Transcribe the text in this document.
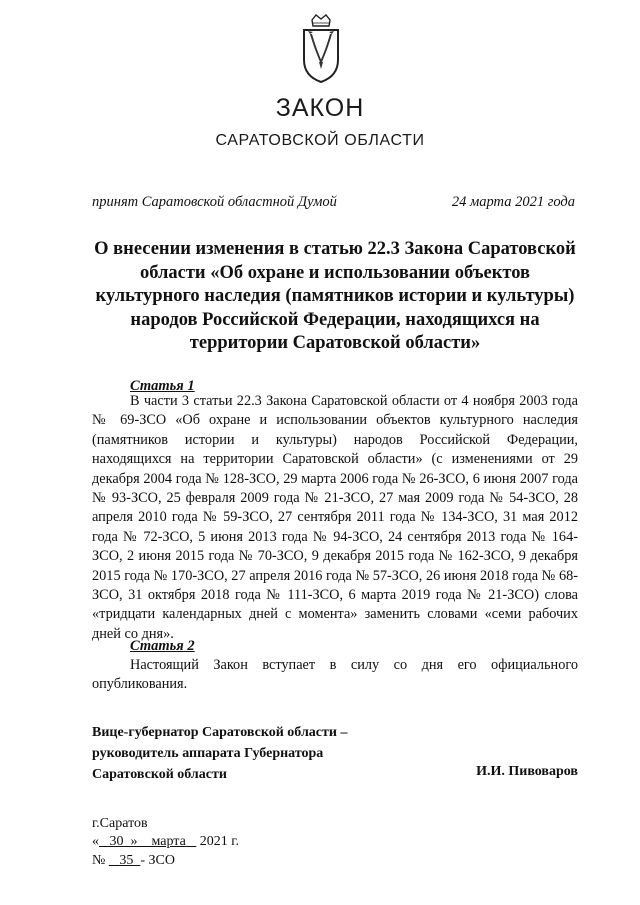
ЗАКОН
САРАТОВСКОЙ ОБЛАСТИ
принят Саратовской областной Думой	24 марта 2021 года
О внесении изменения в статью 22.3 Закона Саратовской области «Об охране и использовании объектов культурного наследия (памятников истории и культуры) народов Российской Федерации, находящихся на территории Саратовской области»
Статья 1
В части 3 статьи 22.3 Закона Саратовской области от 4 ноября 2003 года № 69-ЗСО «Об охране и использовании объектов культурного наследия (памятников истории и культуры) народов Российской Федерации, находящихся на территории Саратовской области» (с изменениями от 29 декабря 2004 года № 128-ЗСО, 29 марта 2006 года № 26-ЗСО, 6 июня 2007 года № 93-ЗСО, 25 февраля 2009 года № 21-ЗСО, 27 мая 2009 года № 54-ЗСО, 28 апреля 2010 года № 59-ЗСО, 27 сентября 2011 года № 134-ЗСО, 31 мая 2012 года № 72-ЗСО, 5 июня 2013 года № 94-ЗСО, 24 сентября 2013 года № 164-ЗСО, 2 июня 2015 года № 70-ЗСО, 9 декабря 2015 года № 162-ЗСО, 9 декабря 2015 года № 170-ЗСО, 27 апреля 2016 года № 57-ЗСО, 26 июня 2018 года № 68-ЗСО, 31 октября 2018 года № 111-ЗСО, 6 марта 2019 года № 21-ЗСО) слова «тридцати календарных дней с момента» заменить словами «семи рабочих дней со дня».
Статья 2
Настоящий Закон вступает в силу со дня его официального опубликования.
Вице-губернатор Саратовской области –
руководитель аппарата Губернатора
Саратовской области	И.И. Пивоваров
г.Саратов
« 30 » марта 2021 г.
№ 35 - ЗСО
